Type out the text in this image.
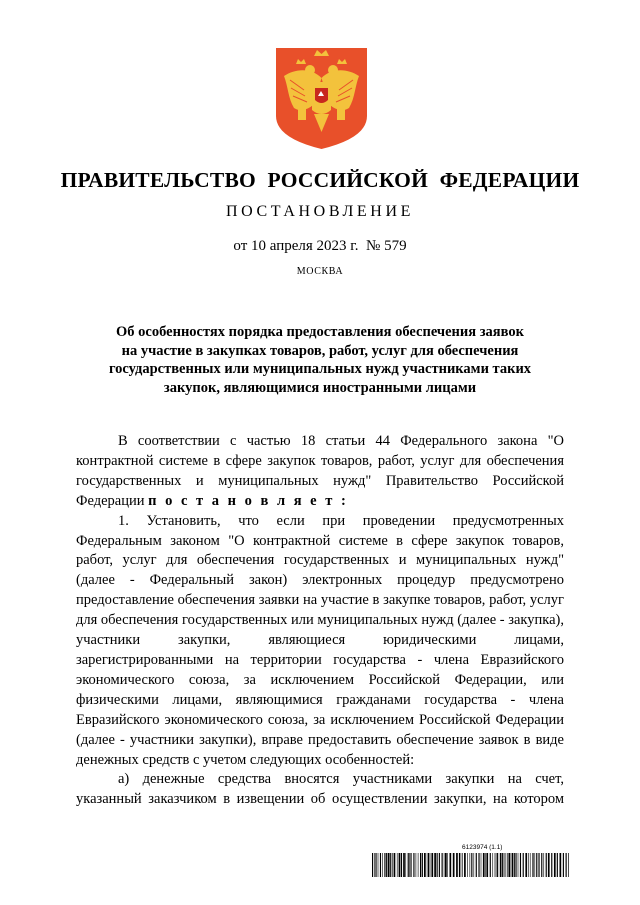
ПРАВИТЕЛЬСТВО РОССИЙСКОЙ ФЕДЕРАЦИИ
ПОСТАНОВЛЕНИЕ
от 10 апреля 2023 г. № 579
МОСКВА
Об особенностях порядка предоставления обеспечения заявок
на участие в закупках товаров, работ, услуг для обеспечения
государственных или муниципальных нужд участниками таких
закупок, являющимися иностранными лицами

В соответствии с частью 18 статьи 44 Федерального закона "О контрактной системе в сфере закупок товаров, работ, услуг для обеспечения государственных и муниципальных нужд" Правительство Российской Федерации п о с т а н о в л я е т :

1. Установить, что если при проведении предусмотренных Федеральным законом "О контрактной системе в сфере закупок товаров, работ, услуг для обеспечения государственных и муниципальных нужд" (далее - Федеральный закон) электронных процедур предусмотрено предоставление обеспечения заявки на участие в закупке товаров, работ, услуг для обеспечения государственных или муниципальных нужд (далее - закупка), участники закупки, являющиеся юридическими лицами, зарегистрированными на территории государства - члена Евразийского экономического союза, за исключением Российской Федерации, или физическими лицами, являющимися гражданами государства - члена Евразийского экономического союза, за исключением Российской Федерации (далее - участники закупки), вправе предоставить обеспечение заявок в виде денежных средств с учетом следующих особенностей:

а) денежные средства вносятся участниками закупки на счет, указанный заказчиком в извещении об осуществлении закупки, на котором

6123974 (1.1)
